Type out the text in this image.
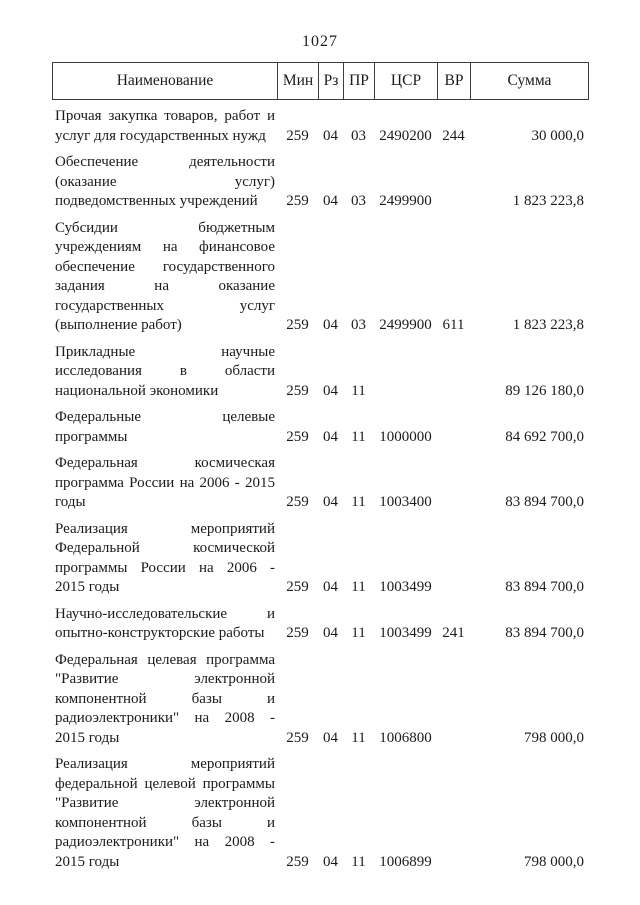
1027
Наименование	Мин Рз ПР	ЦСР	ВР	Сумма
Прочая закупка товаров, работ и
услуг для государственных нужд	259 04 03 2490200 244	30 000,0
Обеспечение деятельности
(оказание услуг)
подведомственных учреждений	259 04 03 2499900	1 823 223,8
Субсидии бюджетным
учреждениям на финансовое
обеспечение государственного
задания на оказание
государственных услуг
(выполнение работ)	259 04 03 2499900 611	1 823 223,8
Прикладные научные
исследования в области
национальной экономики	259 04 11	89 126 180,0
Федеральные целевые
программы	259 04 11 1000000	84 692 700,0
Федеральная космическая
программа России на 2006 - 2015
годы	259 04 11 1003400	83 894 700,0
Реализация мероприятий
Федеральной космической
программы России на 2006 -
2015 годы	259 04 11 1003499	83 894 700,0
Научно-исследовательские и
опытно-конструкторские работы	259 04 11 1003499 241	83 894 700,0
Федеральная целевая программа
"Развитие электронной
компонентной базы и
радиоэлектроники" на 2008 -
2015 годы	259 04 11 1006800	798 000,0
Реализация мероприятий
федеральной целевой программы
"Развитие электронной
компонентной базы и
радиоэлектроники" на 2008 -
2015 годы	259 04 11 1006899	798 000,0
